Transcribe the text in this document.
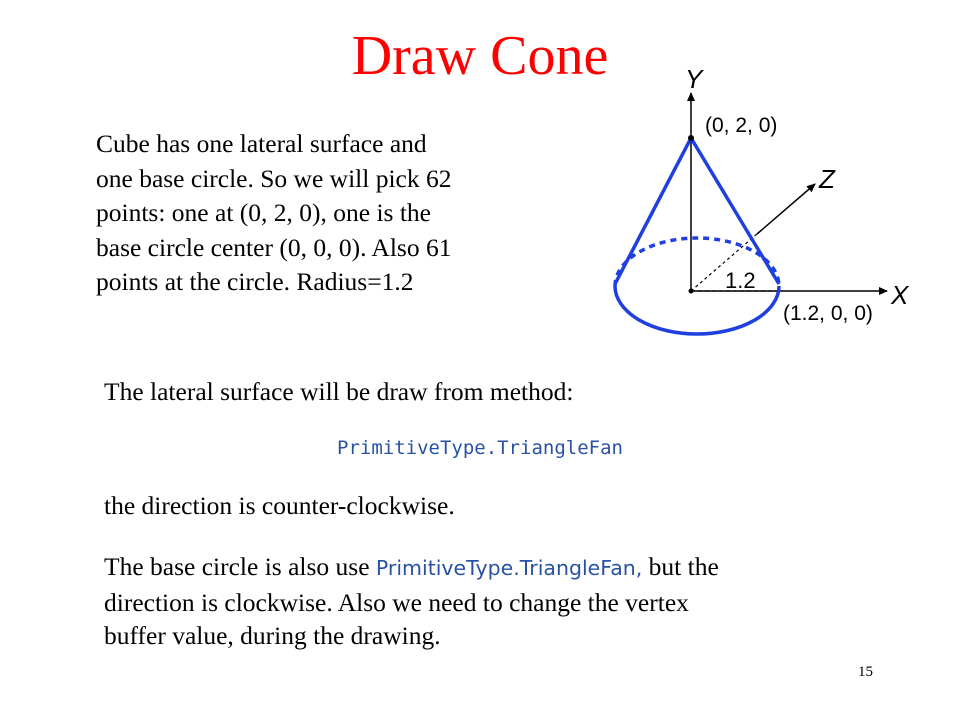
Draw Cone
Cube has one lateral surface and
one base circle. So we will pick 62
points: one at (0, 2, 0), one is the
base circle center (0, 0, 0). Also 61
points at the circle. Radius=1.2
Y
(0, 2, 0)
Z
1.2	X
(1.2, 0, 0)
The lateral surface will be draw from method:
PrimitiveType.TriangleFan
the direction is counter-clockwise.
The base circle is also use PrimitiveType.TriangleFan, but the
direction is clockwise. Also we need to change the vertex
buffer value, during the drawing.
15
